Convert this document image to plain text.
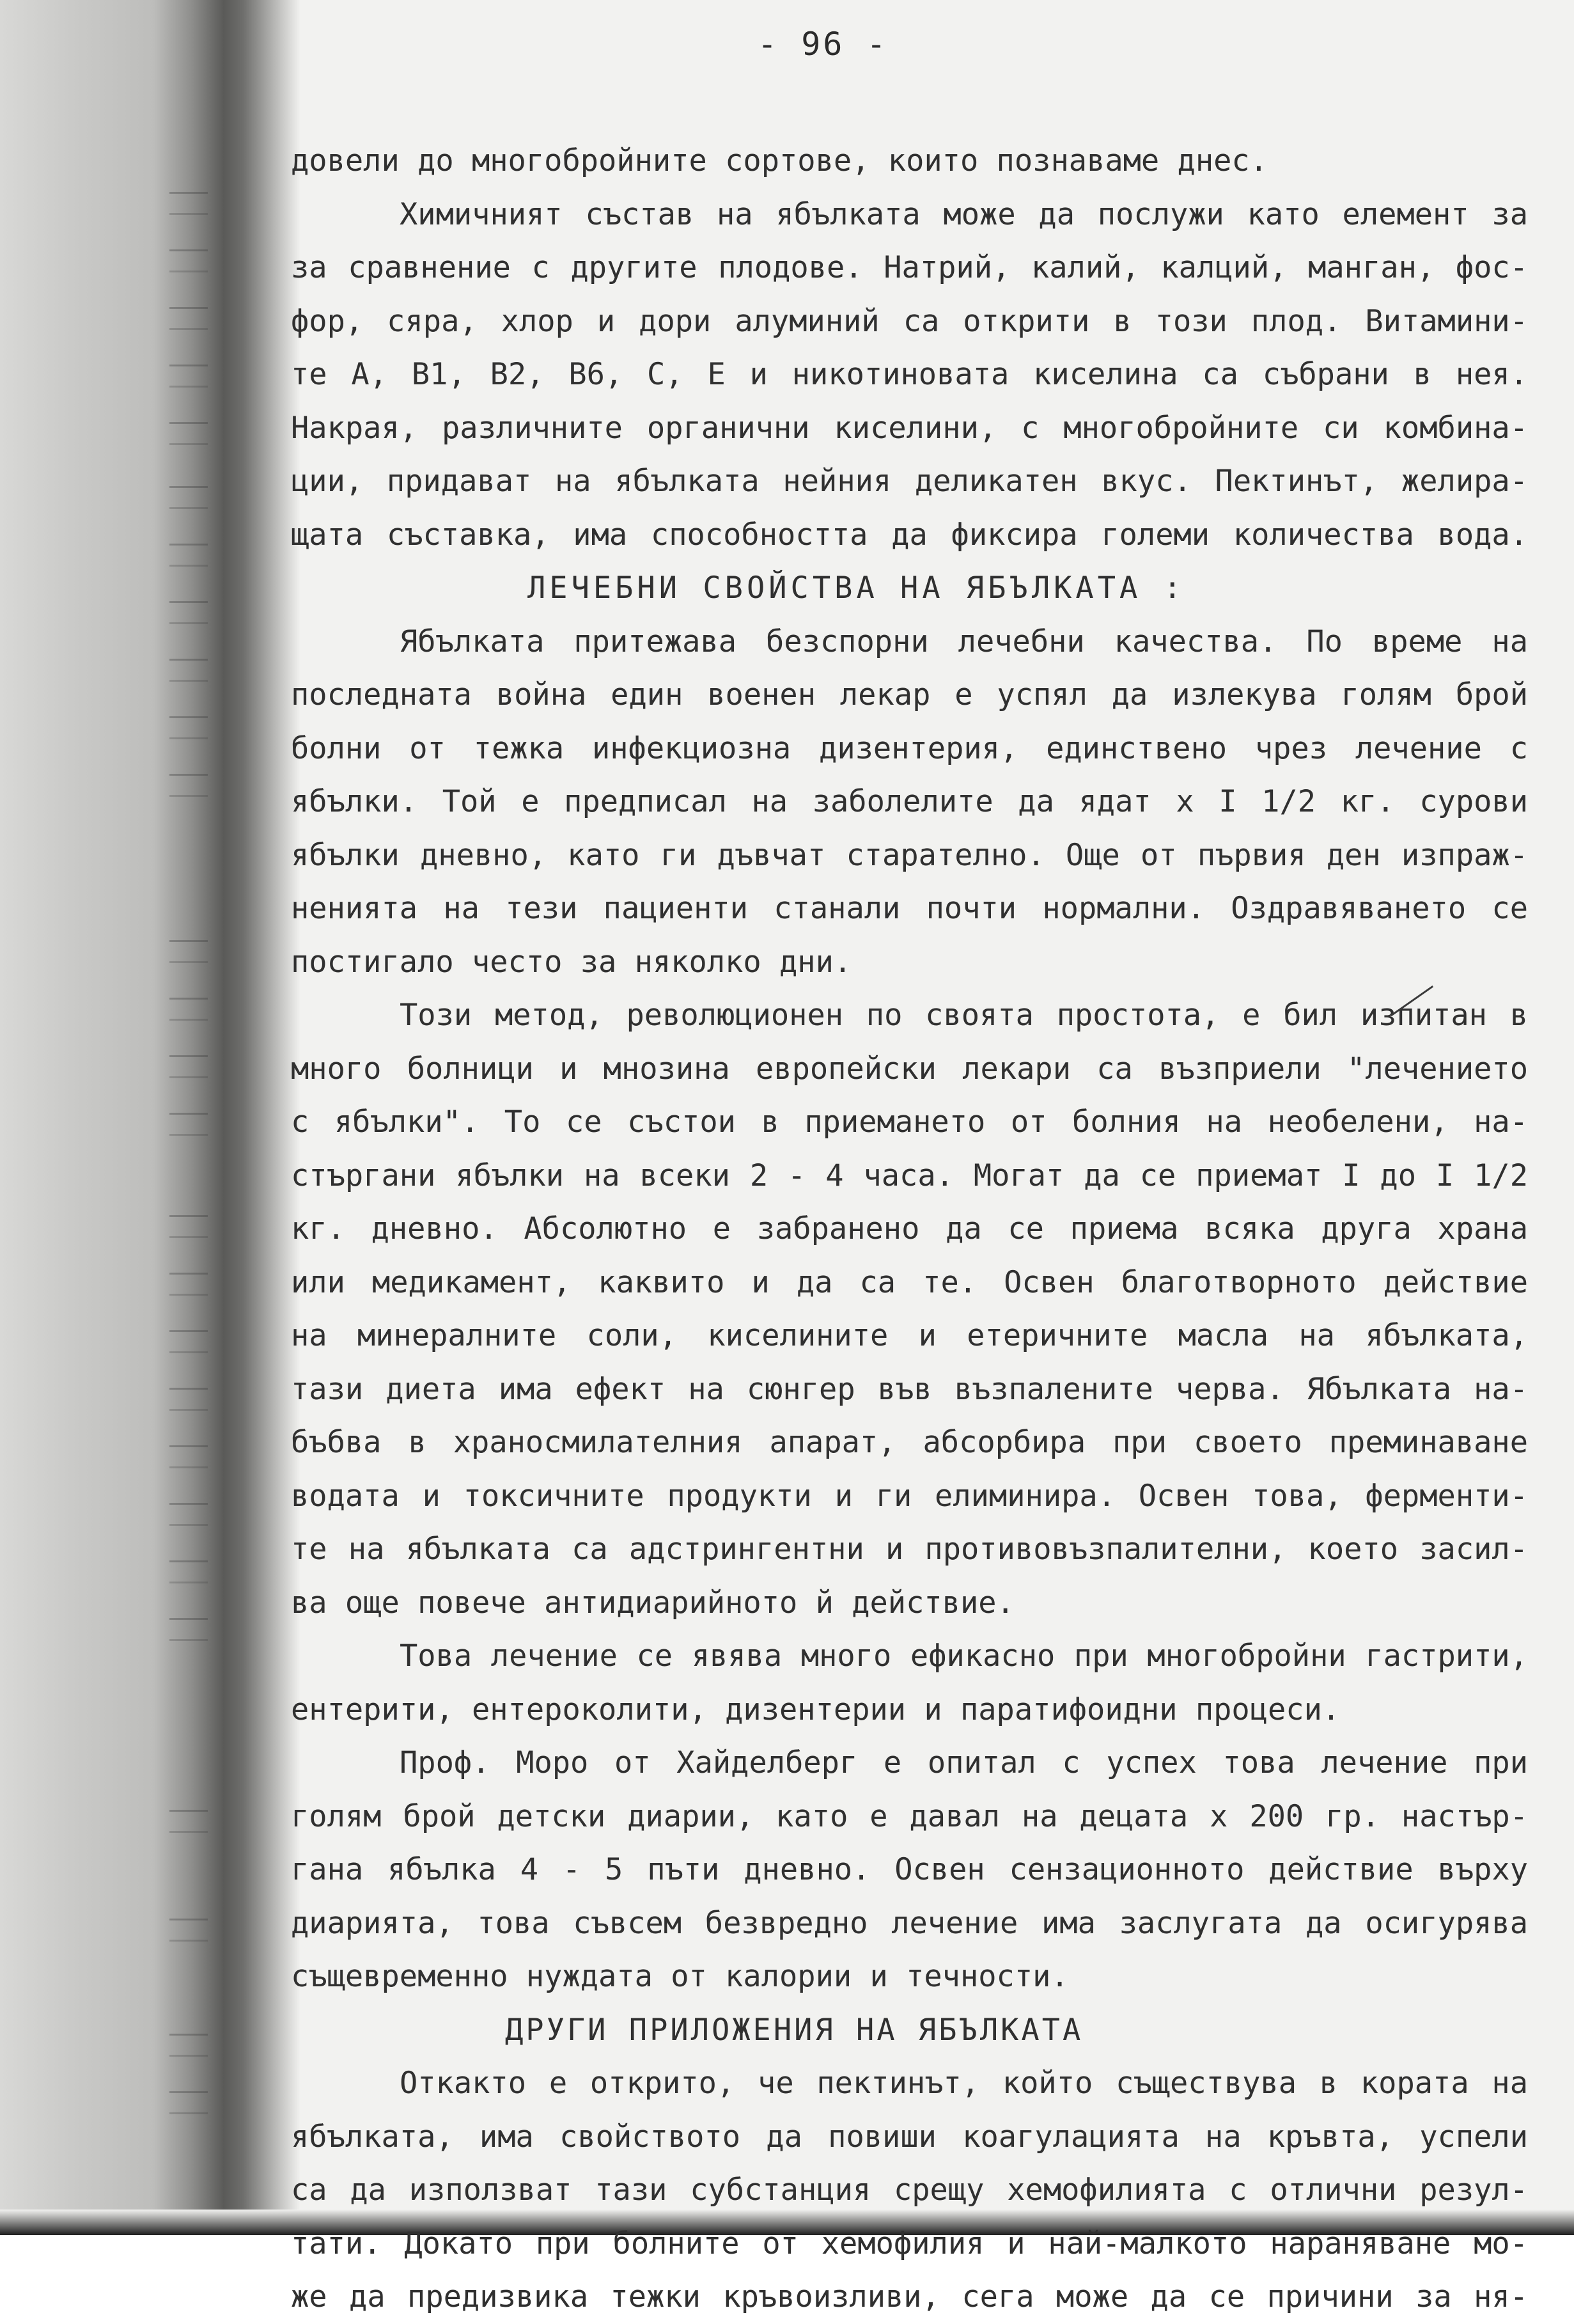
- 96 -
довели до многобройните сортове, които познаваме днес.
Химичният състав на ябълката може да послужи като елемент за
за сравнение с другите плодове. Натрий, калий, калций, манган, фос-
фор, сяра, хлор и дори алуминий са открити в този плод. Витамини-
те A, B1, B2, B6, C, E и никотиновата киселина са събрани в нея.
Накрая, различните органични киселини, с многобройните си комбина-
ции, придават на ябълката нейния деликатен вкус. Пектинът, желира-
щата съставка, има способността да фиксира големи количества вода.
ЛЕЧЕБНИ СВОЙСТВА НА ЯБЪЛКАТА :
Ябълката притежава безспорни лечебни качества. По време на
последната война един военен лекар е успял да излекува голям брой
болни от тежка инфекциозна дизентерия, единствено чрез лечение с
ябълки. Той е предписал на заболелите да ядат x I 1/2 кг. сурови
ябълки дневно, като ги дъвчат старателно. Още от първия ден изпраж-
ненията на тези пациенти станали почти нормални. Оздравяването се
постигало често за няколко дни.
Този метод, революционен по своята простота, е бил изпитан в
много болници и мнозина европейски лекари са възприели "лечението
с ябълки". То се състои в приемането от болния на необелени, на-
стъргани ябълки на всеки 2 - 4 часа. Могат да се приемат I до I 1/2
кг. дневно. Абсолютно е забранено да се приема всяка друга храна
или медикамент, каквито и да са те. Освен благотворното действие
на минералните соли, киселините и етеричните масла на ябълката,
тази диета има ефект на сюнгер във възпалените черва. Ябълката на-
бъбва в храносмилателния апарат, абсорбира при своето преминаване
водата и токсичните продукти и ги елиминира. Освен това, ферменти-
те на ябълката са адстрингентни и противовъзпалителни, което засил-
ва още повече антидиарийното й действие.
Това лечение се явява много ефикасно при многобройни гастрити,
ентерити, ентероколити, дизентерии и паратифоидни процеси.
Проф. Моро от Хайделберг е опитал с успех това лечение при
голям брой детски диарии, като е давал на децата x 200 гр. настър-
гана ябълка 4 - 5 пъти дневно. Освен сензационното действие върху
диарията, това съвсем безвредно лечение има заслугата да осигурява
същевременно нуждата от калории и течности.
ДРУГИ ПРИЛОЖЕНИЯ НА ЯБЪЛКАТА
Откакто е открито, че пектинът, който съществува в кората на
ябълката, има свойството да повиши коагулацията на кръвта, успели
са да използват тази субстанция срещу хемофилията с отлични резул-
тати. Докато при болните от хемофилия и най-малкото нараняване мо-
же да предизвика тежки кръвоизливи, сега може да се причини за ня-
